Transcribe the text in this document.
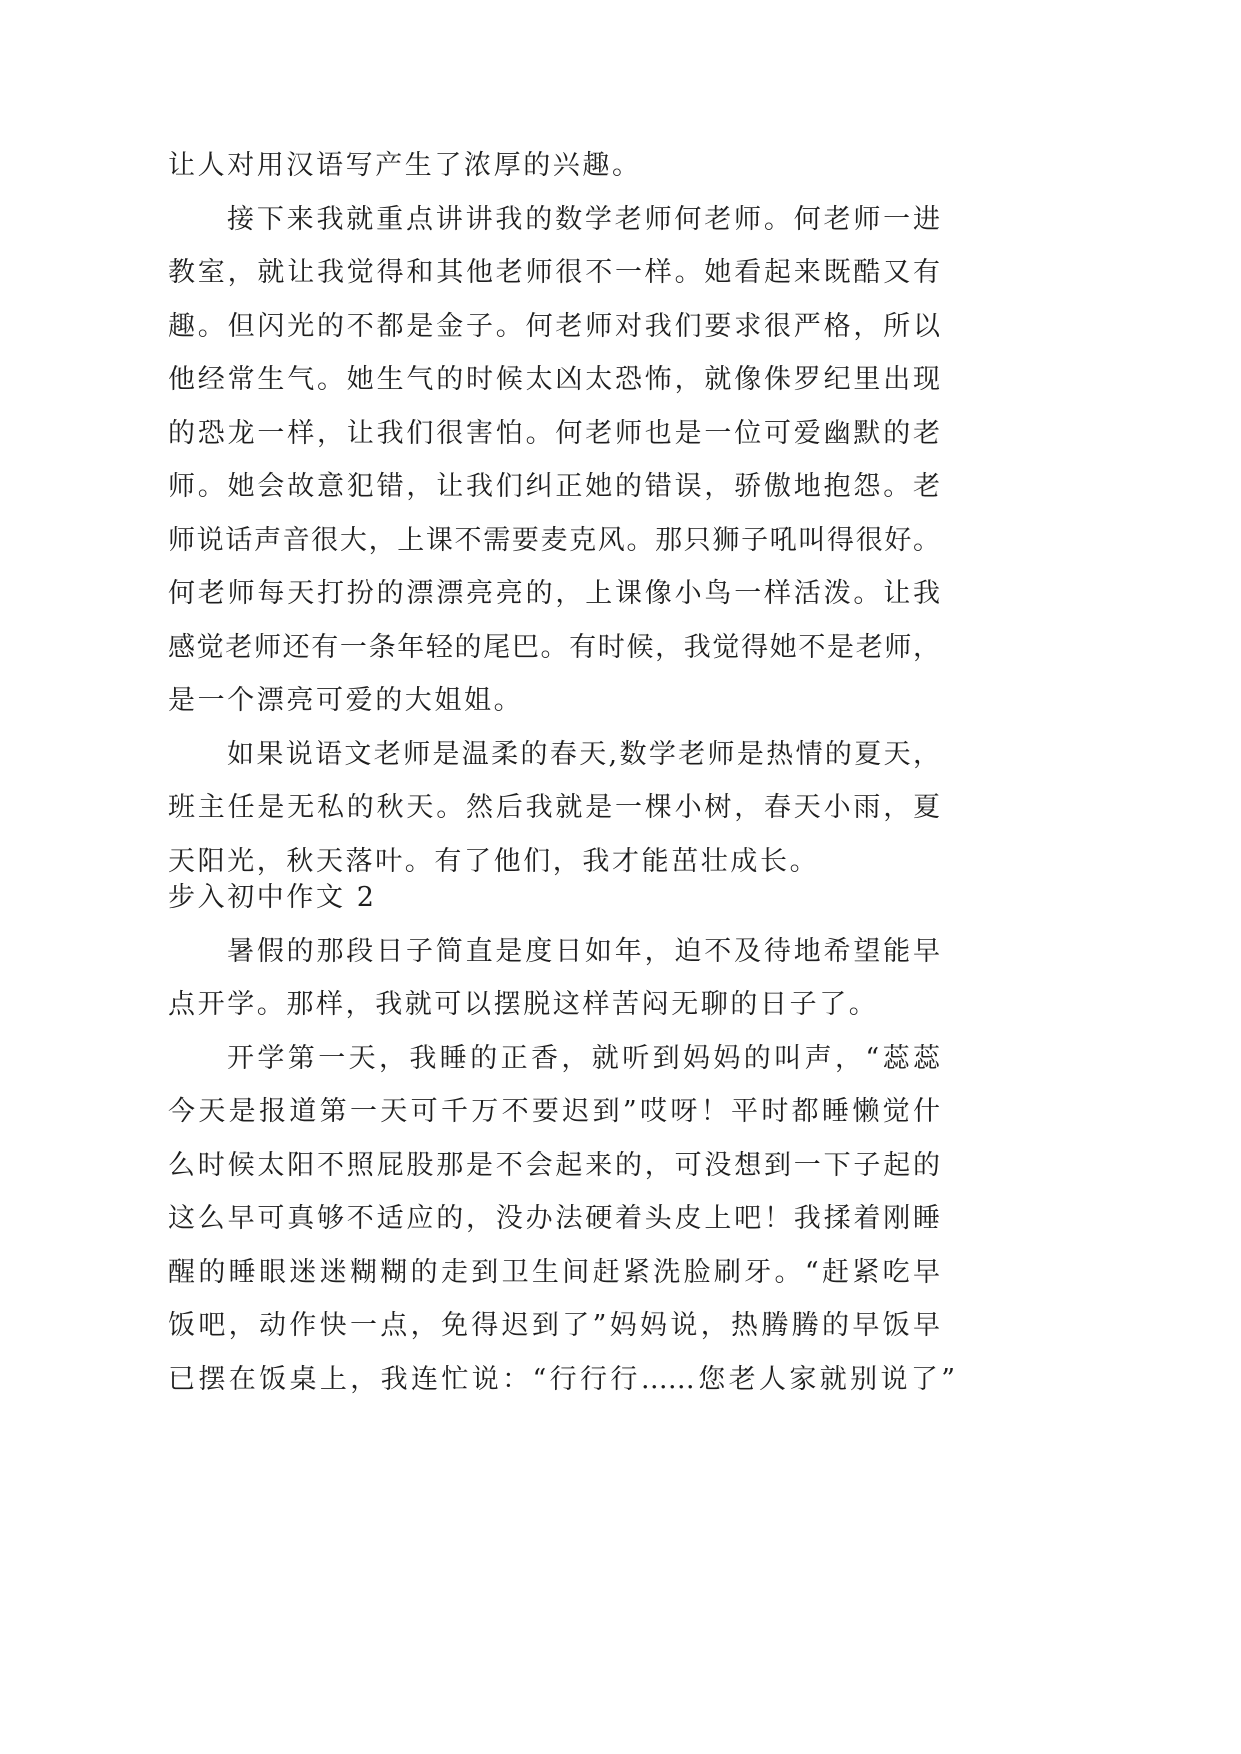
让人对用汉语写产生了浓厚的兴趣。
接下来我就重点讲讲我的数学老师何老师。何老师一进
教室，就让我觉得和其他老师很不一样。她看起来既酷又有
趣。但闪光的不都是金子。何老师对我们要求很严格，所以
他经常生气。她生气的时候太凶太恐怖，就像侏罗纪里出现
的恐龙一样，让我们很害怕。何老师也是一位可爱幽默的老
师。她会故意犯错，让我们纠正她的错误，骄傲地抱怨。老
师说话声音很大，上课不需要麦克风。那只狮子吼叫得很好。
何老师每天打扮的漂漂亮亮的，上课像小鸟一样活泼。让我
感觉老师还有一条年轻的尾巴。有时候，我觉得她不是老师，
是一个漂亮可爱的大姐姐。
如果说语文老师是温柔的春天,数学老师是热情的夏天，
班主任是无私的秋天。然后我就是一棵小树，春天小雨，夏
天阳光，秋天落叶。有了他们，我才能茁壮成长。
步入初中作文 2
暑假的那段日子简直是度日如年，迫不及待地希望能早
点开学。那样，我就可以摆脱这样苦闷无聊的日子了。
开学第一天，我睡的正香，就听到妈妈的叫声，“蕊蕊
今天是报道第一天可千万不要迟到”哎呀！平时都睡懒觉什
么时候太阳不照屁股那是不会起来的，可没想到一下子起的
这么早可真够不适应的，没办法硬着头皮上吧！我揉着刚睡
醒的睡眼迷迷糊糊的走到卫生间赶紧洗脸刷牙。“赶紧吃早
饭吧，动作快一点，免得迟到了”妈妈说，热腾腾的早饭早
已摆在饭桌上，我连忙说：“行行行……您老人家就别说了”
